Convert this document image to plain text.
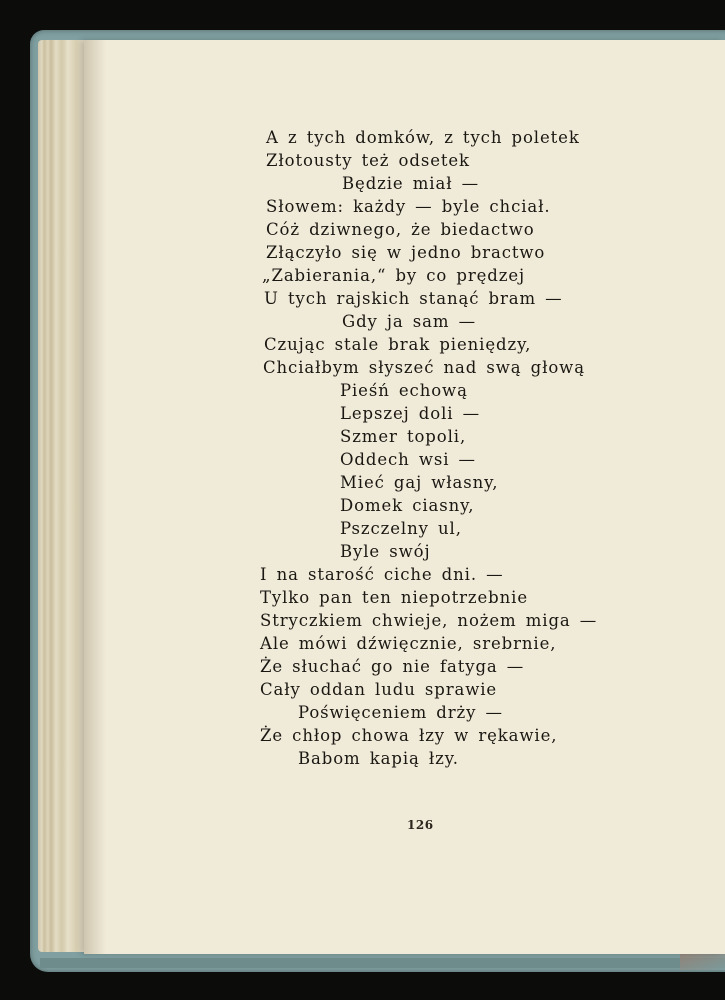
A z tych domków, z tych poletek
Złotousty też odsetek
Będzie miał —
Słowem: każdy — byle chciał.
Cóż dziwnego, że biedactwo
Złączyło się w jedno bractwo
„Zabierania,“ by co prędzej
U tych rajskich stanąć bram —
Gdy ja sam —
Czując stale brak pieniędzy,
Chciałbym słyszeć nad swą głową
Pieśń echową
Lepszej doli —
Szmer topoli,
Oddech wsi —
Mieć gaj własny,
Domek ciasny,
Pszczelny ul,
Byle swój
I na starość ciche dni. —
Tylko pan ten niepotrzebnie
Stryczkiem chwieje, nożem miga —
Ale mówi dźwięcznie, srebrnie,
Że słuchać go nie fatyga —
Cały oddan ludu sprawie
Poświęceniem drży —
Że chłop chowa łzy w rękawie,
Babom kapią łzy.
126
